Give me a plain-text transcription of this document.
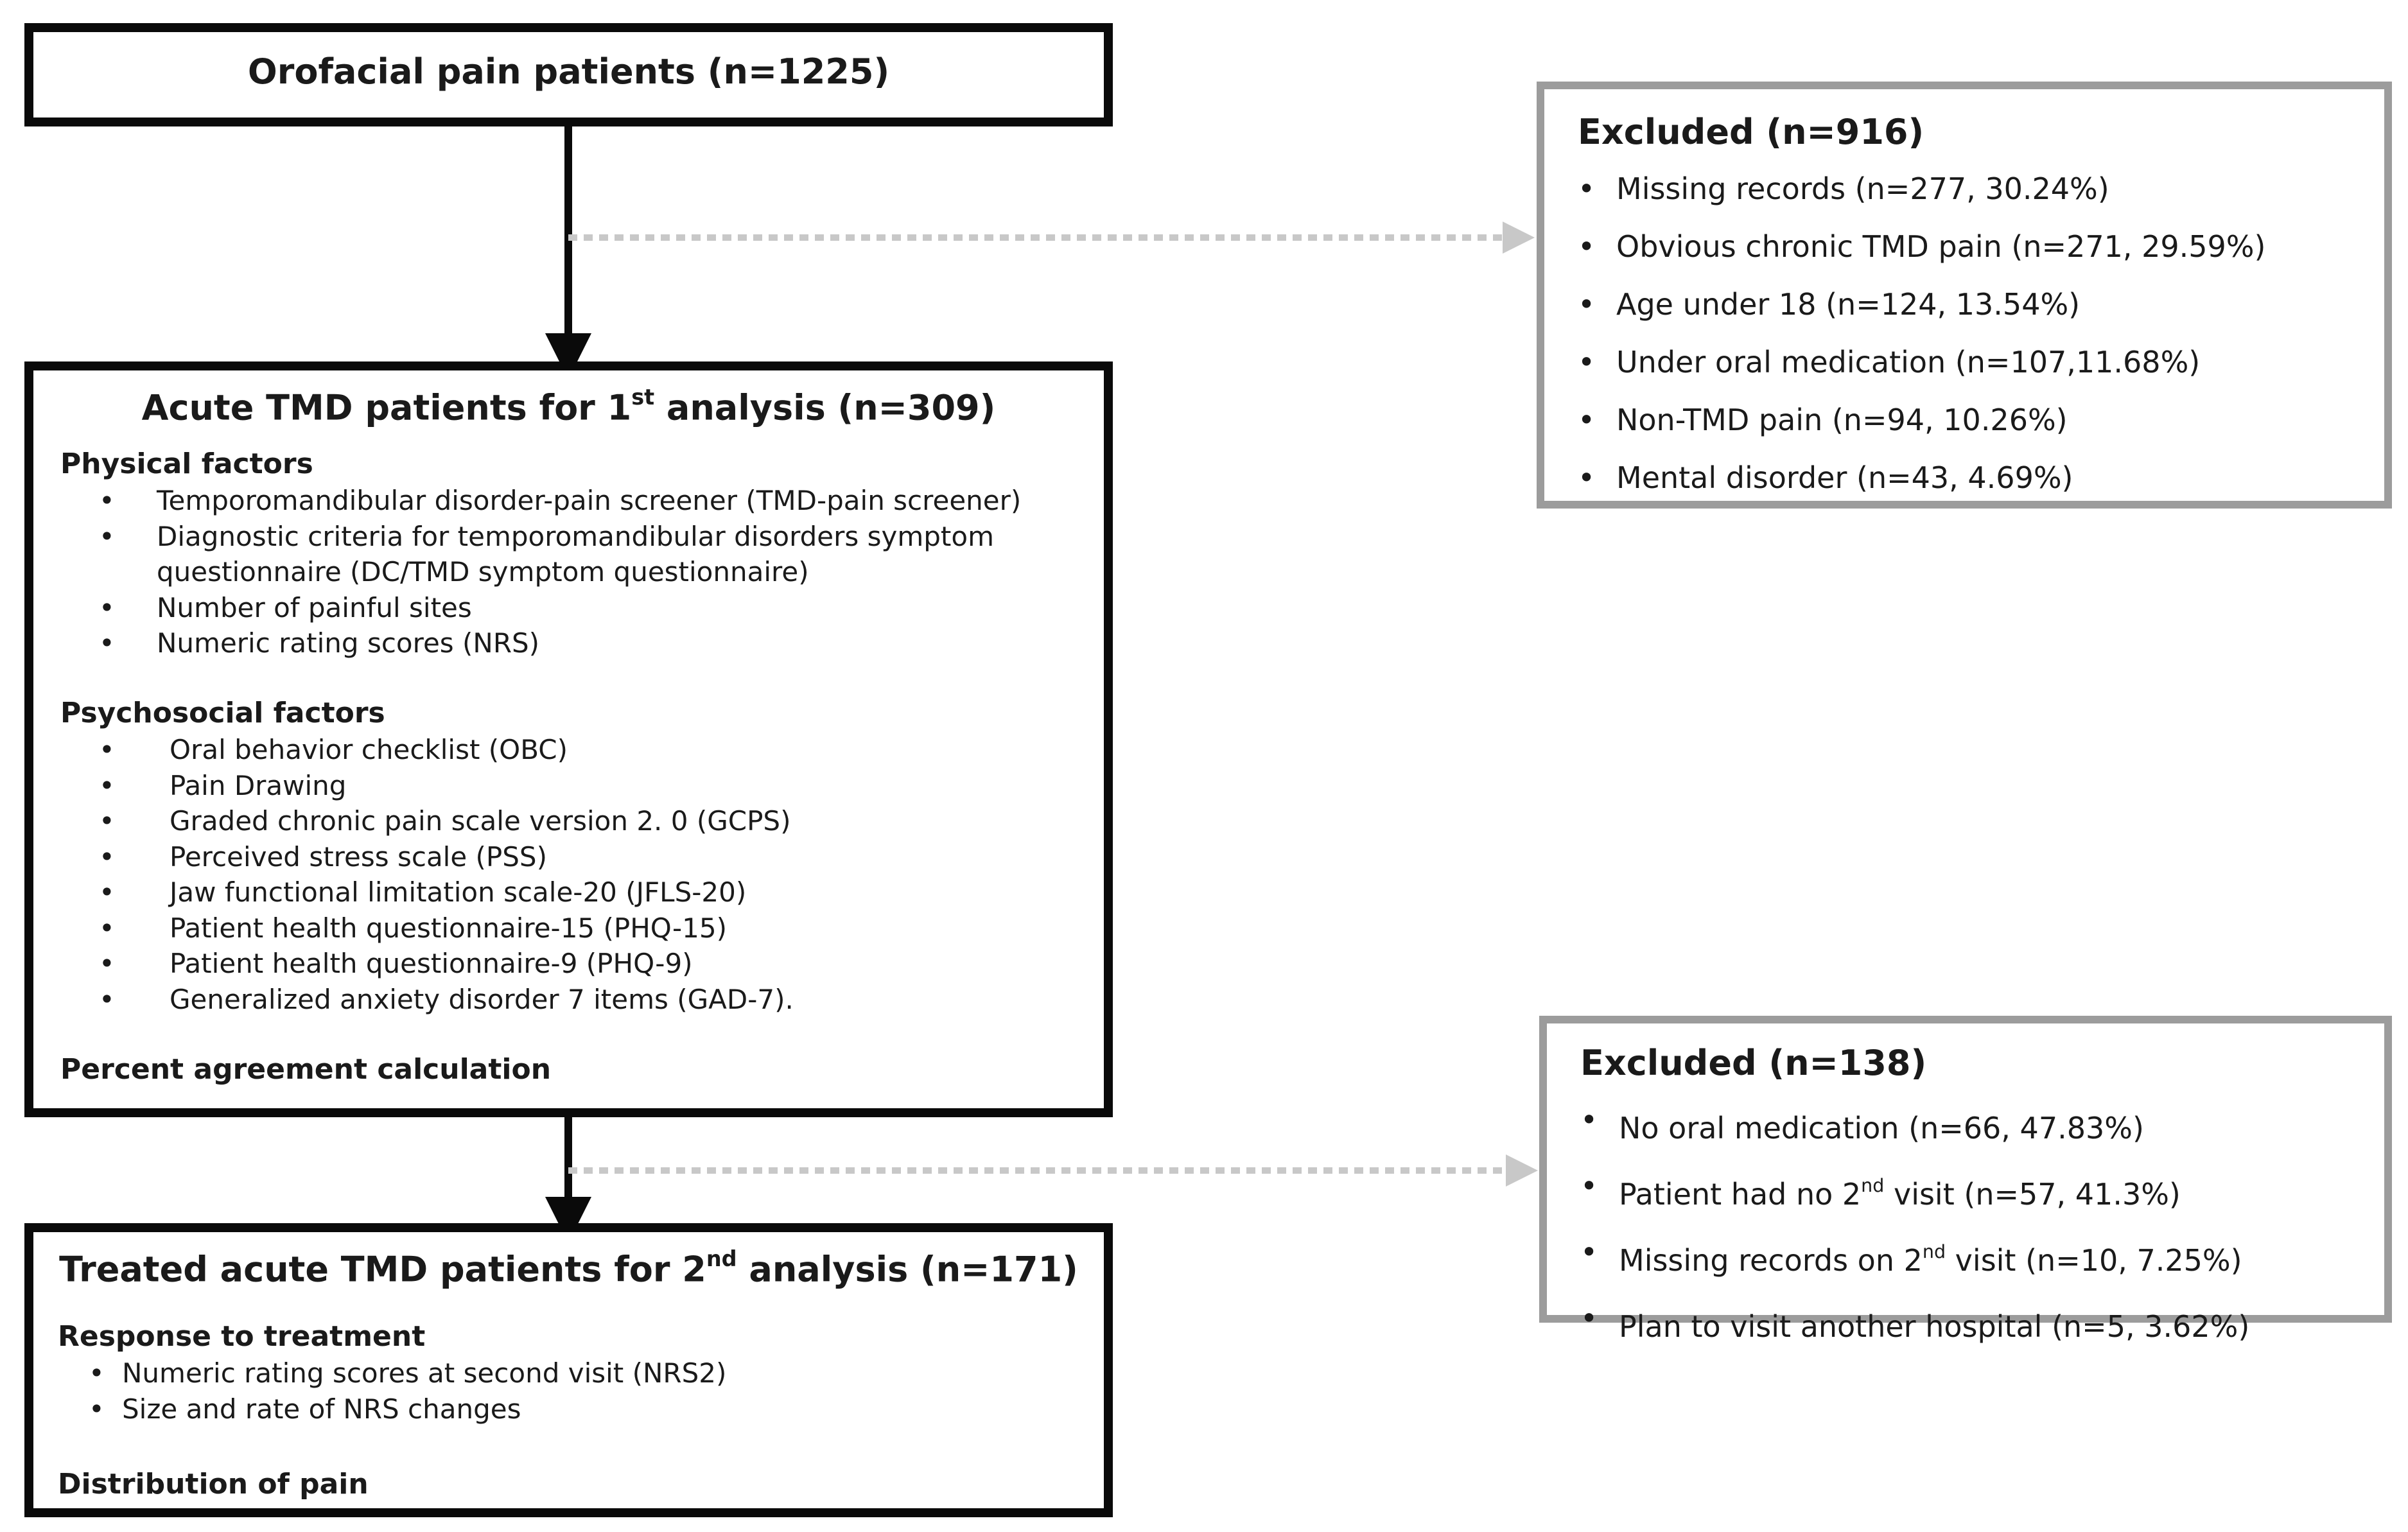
Orofacial pain patients (n=1225)
Acute TMD patients for 1st analysis (n=309)
Physical factors
• Temporomandibular disorder-pain screener (TMD-pain screener)
• Diagnostic criteria for temporomandibular disorders symptom questionnaire (DC/TMD symptom questionnaire)
• Number of painful sites
• Numeric rating scores (NRS)
Psychosocial factors
• Oral behavior checklist (OBC)
• Pain Drawing
• Graded chronic pain scale version 2. 0 (GCPS)
• Perceived stress scale (PSS)
• Jaw functional limitation scale-20 (JFLS-20)
• Patient health questionnaire-15 (PHQ-15)
• Patient health questionnaire-9 (PHQ-9)
• Generalized anxiety disorder 7 items (GAD-7).
Percent agreement calculation
Treated acute TMD patients for 2nd analysis (n=171)
Response to treatment
• Numeric rating scores at second visit (NRS2)
• Size and rate of NRS changes
Distribution of pain
Excluded (n=916)
• Missing records (n=277, 30.24%)
• Obvious chronic TMD pain (n=271, 29.59%)
• Age under 18 (n=124, 13.54%)
• Under oral medication (n=107,11.68%)
• Non-TMD pain (n=94, 10.26%)
• Mental disorder (n=43, 4.69%)
Excluded (n=138)
• No oral medication (n=66, 47.83%)
• Patient had no 2nd visit (n=57, 41.3%)
• Missing records on 2nd visit (n=10, 7.25%)
• Plan to visit another hospital (n=5, 3.62%)
